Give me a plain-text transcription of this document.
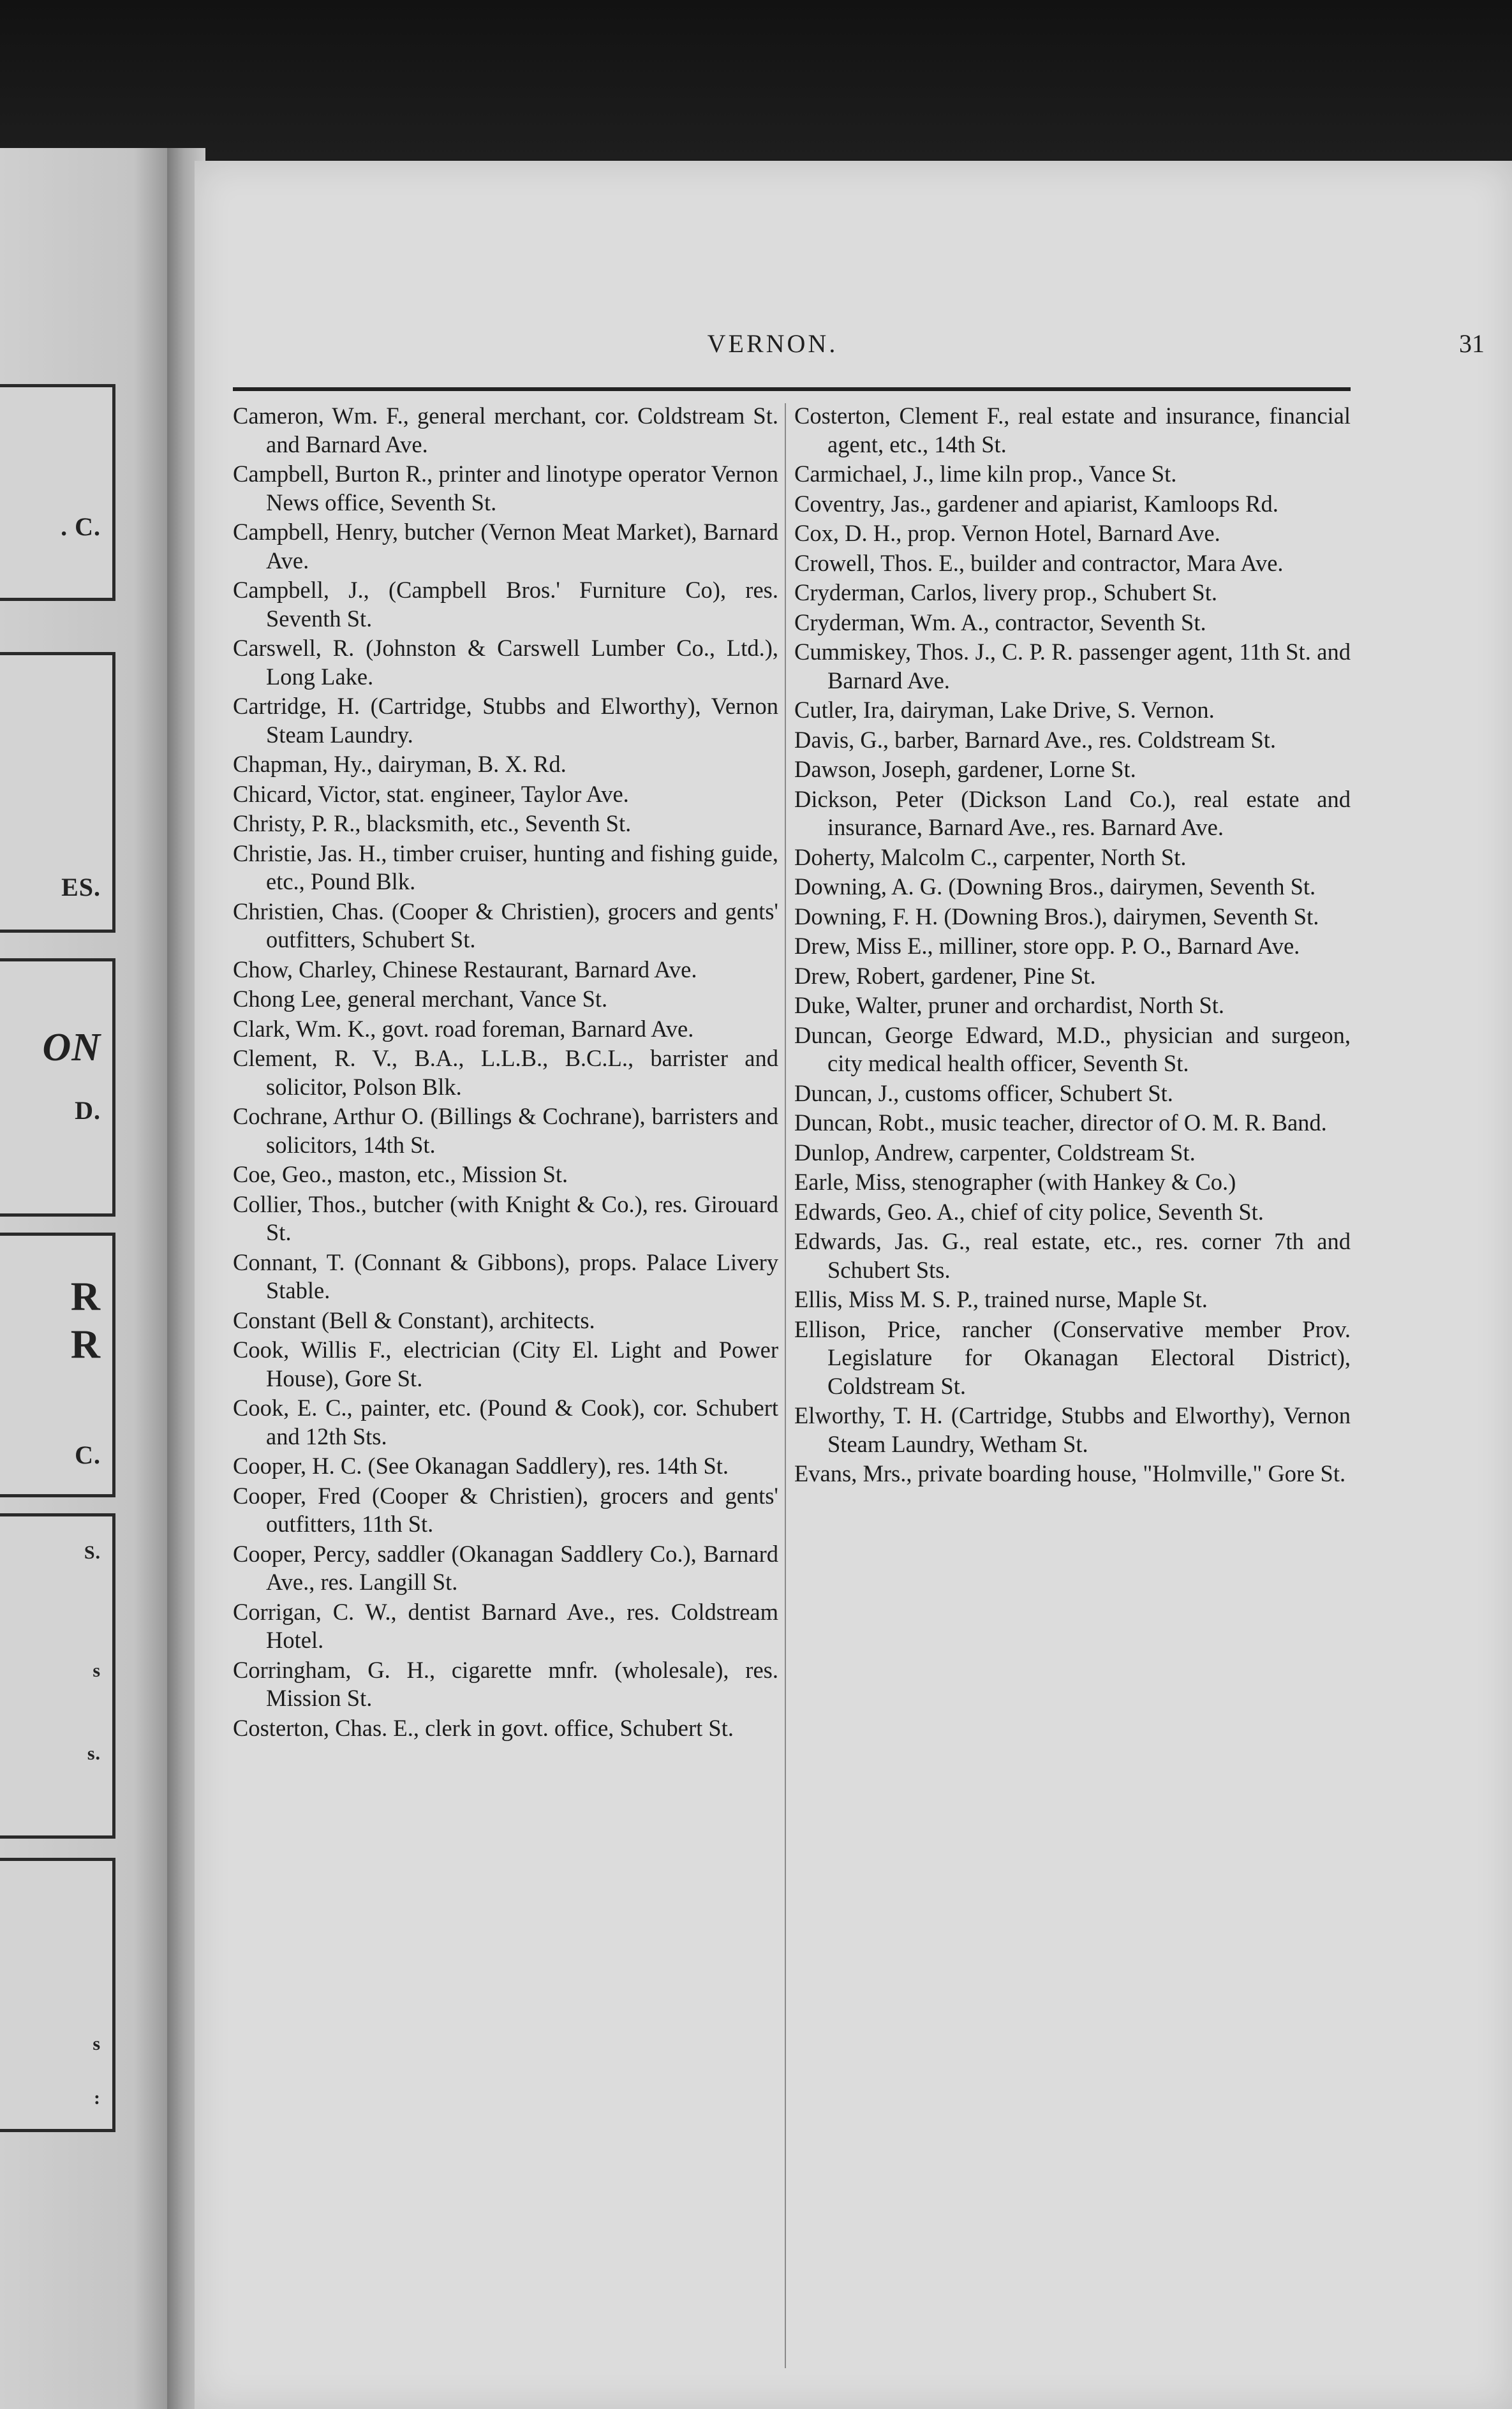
. C.
ES.
ON
D.
R
R
C.
S.
s
s.
s
:
VERNON.	31

Cameron, Wm. F., general merchant, cor. Coldstream St. and Barnard Ave.

Campbell, Burton R., printer and linotype operator Vernon News office, Seventh St.

Campbell, Henry, butcher (Vernon Meat Market), Barnard Ave.

Campbell, J., (Campbell Bros.' Furniture Co), res. Seventh St.

Carswell, R. (Johnston & Carswell Lumber Co., Ltd.), Long Lake.

Cartridge, H. (Cartridge, Stubbs and Elworthy), Vernon Steam Laundry.

Chapman, Hy., dairyman, B. X. Rd.

Chicard, Victor, stat. engineer, Taylor Ave.

Christy, P. R., blacksmith, etc., Seventh St.

Christie, Jas. H., timber cruiser, hunting and fishing guide, etc., Pound Blk.

Christien, Chas. (Cooper & Christien), grocers and gents' outfitters, Schubert St.

Chow, Charley, Chinese Restaurant, Barnard Ave.

Chong Lee, general merchant, Vance St.

Clark, Wm. K., govt. road foreman, Barnard Ave.

Clement, R. V., B.A., L.L.B., B.C.L., barrister and solicitor, Polson Blk.

Cochrane, Arthur O. (Billings & Cochrane), barristers and solicitors, 14th St.

Coe, Geo., maston, etc., Mission St.

Collier, Thos., butcher (with Knight & Co.), res. Girouard St.

Connant, T. (Connant & Gibbons), props. Palace Livery Stable.

Constant (Bell & Constant), architects.

Cook, Willis F., electrician (City El. Light and Power House), Gore St.

Cook, E. C., painter, etc. (Pound & Cook), cor. Schubert and 12th Sts.

Cooper, H. C. (See Okanagan Saddlery), res. 14th St.

Cooper, Fred (Cooper & Christien), grocers and gents' outfitters, 11th St.

Cooper, Percy, saddler (Okanagan Saddlery Co.), Barnard Ave., res. Langill St.

Corrigan, C. W., dentist Barnard Ave., res. Coldstream Hotel.

Corringham, G. H., cigarette mnfr. (wholesale), res. Mission St.

Costerton, Chas. E., clerk in govt. office, Schubert St.

Costerton, Clement F., real estate and insurance, financial agent, etc., 14th St.

Carmichael, J., lime kiln prop., Vance St.

Coventry, Jas., gardener and apiarist, Kamloops Rd.

Cox, D. H., prop. Vernon Hotel, Barnard Ave.

Crowell, Thos. E., builder and contractor, Mara Ave.

Cryderman, Carlos, livery prop., Schubert St.

Cryderman, Wm. A., contractor, Seventh St.

Cummiskey, Thos. J., C. P. R. passenger agent, 11th St. and Barnard Ave.

Cutler, Ira, dairyman, Lake Drive, S. Vernon.

Davis, G., barber, Barnard Ave., res. Coldstream St.

Dawson, Joseph, gardener, Lorne St.

Dickson, Peter (Dickson Land Co.), real estate and insurance, Barnard Ave., res. Barnard Ave.

Doherty, Malcolm C., carpenter, North St.

Downing, A. G. (Downing Bros., dairymen, Seventh St.

Downing, F. H. (Downing Bros.), dairymen, Seventh St.

Drew, Miss E., milliner, store opp. P. O., Barnard Ave.

Drew, Robert, gardener, Pine St.

Duke, Walter, pruner and orchardist, North St.

Duncan, George Edward, M.D., physician and surgeon, city medical health officer, Seventh St.

Duncan, J., customs officer, Schubert St.

Duncan, Robt., music teacher, director of O. M. R. Band.

Dunlop, Andrew, carpenter, Coldstream St.

Earle, Miss, stenographer (with Hankey & Co.)

Edwards, Geo. A., chief of city police, Seventh St.

Edwards, Jas. G., real estate, etc., res. corner 7th and Schubert Sts.

Ellis, Miss M. S. P., trained nurse, Maple St.

Ellison, Price, rancher (Conservative member Prov. Legislature for Okanagan Electoral District), Coldstream St.

Elworthy, T. H. (Cartridge, Stubbs and Elworthy), Vernon Steam Laundry, Wetham St.

Evans, Mrs., private boarding house, "Holmville," Gore St.
